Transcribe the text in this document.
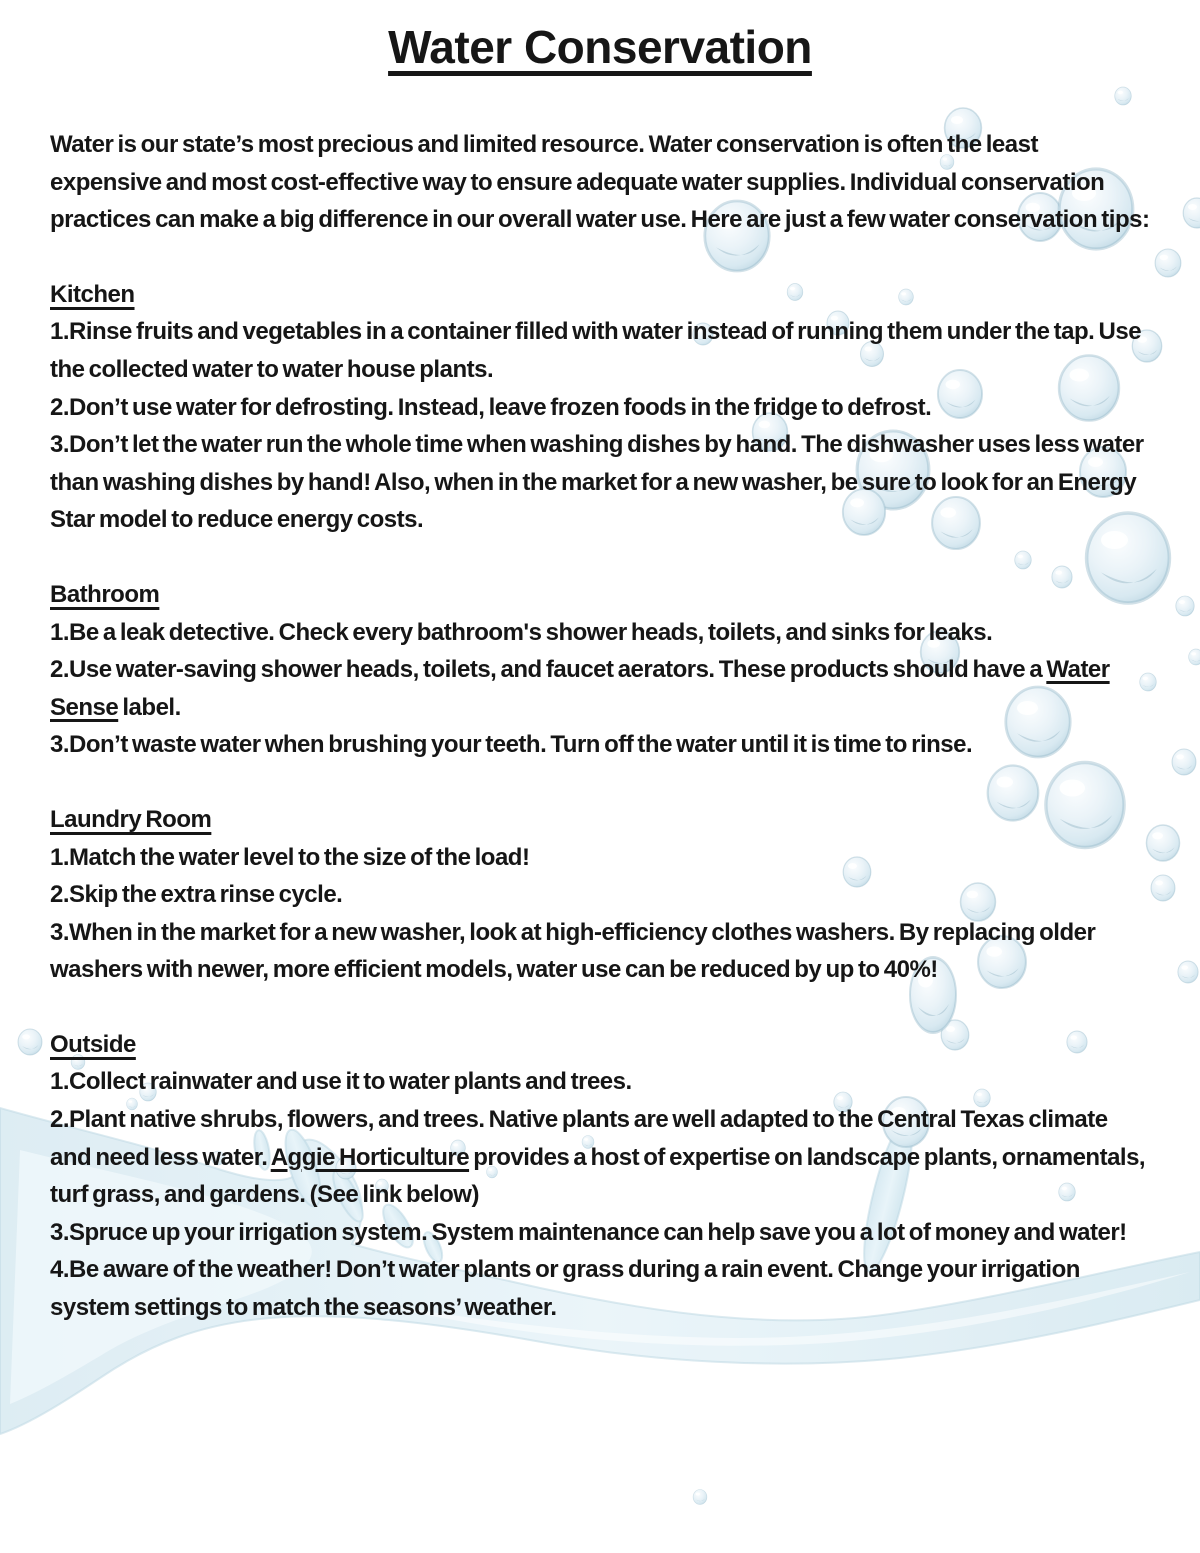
Water Conservation

Water is our state’s most precious and limited resource. Water conservation is often the least expensive and most cost-effective way to ensure adequate water supplies. Individual conservation practices can make a big difference in our overall water use. Here are just a few water conservation tips:

Kitchen

1.Rinse fruits and vegetables in a container filled with water instead of running them under the tap. Use the collected water to water house plants.

2.Don’t use water for defrosting. Instead, leave frozen foods in the fridge to defrost.

3.Don’t let the water run the whole time when washing dishes by hand. The dishwasher uses less water than washing dishes by hand! Also, when in the market for a new washer, be sure to look for an Energy Star model to reduce energy costs.

Bathroom

1.Be a leak detective. Check every bathroom's shower heads, toilets, and sinks for leaks.

2.Use water-saving shower heads, toilets, and faucet aerators. These products should have a Water Sense label.

3.Don’t waste water when brushing your teeth. Turn off the water until it is time to rinse.

Laundry Room

1.Match the water level to the size of the load!

2.Skip the extra rinse cycle.

3.When in the market for a new washer, look at high-efficiency clothes washers. By replacing older washers with newer, more efficient models, water use can be reduced by up to 40%!

Outside

1.Collect rainwater and use it to water plants and trees.

2.Plant native shrubs, flowers, and trees. Native plants are well adapted to the Central Texas climate  and need less water. Aggie Horticulture provides a host of expertise on landscape plants, ornamentals, turf grass, and gardens. (See link below)

3.Spruce up your irrigation system. System maintenance can help save you a lot of money and water!

4.Be aware of the weather! Don’t water plants or grass during a rain event. Change your irrigation system settings to match the seasons’ weather.
